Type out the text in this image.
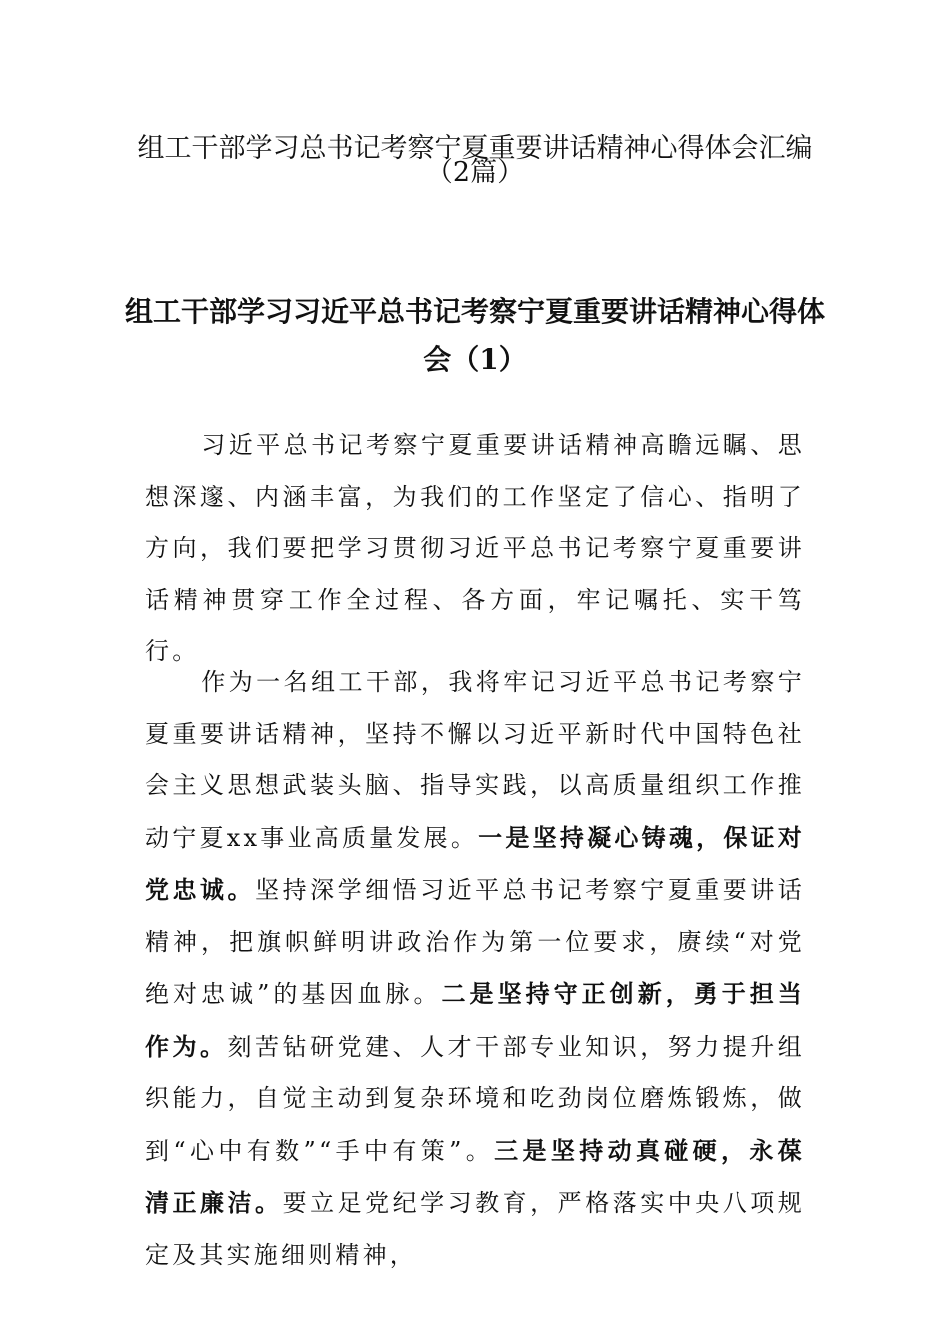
组工干部学习总书记考察宁夏重要讲话精神心得体会汇编
（2篇）
组工干部学习习近平总书记考察宁夏重要讲话精神心得体
会（1）

习近平总书记考察宁夏重要讲话精神高瞻远瞩、思想深邃、内涵丰富，为我们的工作坚定了信心、指明了方向，我们要把学习贯彻习近平总书记考察宁夏重要讲话精神贯穿工作全过程、各方面，牢记嘱托、实干笃行。

作为一名组工干部，我将牢记习近平总书记考察宁夏重要讲话精神，坚持不懈以习近平新时代中国特色社会主义思想武装头脑、指导实践，以高质量组织工作推动宁夏xx事业高质量发展。一是坚持凝心铸魂，保证对党忠诚。坚持深学细悟习近平总书记考察宁夏重要讲话精神，把旗帜鲜明讲政治作为第一位要求，赓续“对党绝对忠诚”的基因血脉。二是坚持守正创新，勇于担当作为。刻苦钻研党建、人才干部专业知识，努力提升组织能力，自觉主动到复杂环境和吃劲岗位磨炼锻炼，做到“心中有数”“手中有策”。三是坚持动真碰硬，永葆清正廉洁。要立足党纪学习教育，严格落实中央八项规定及其实施细则精神，
